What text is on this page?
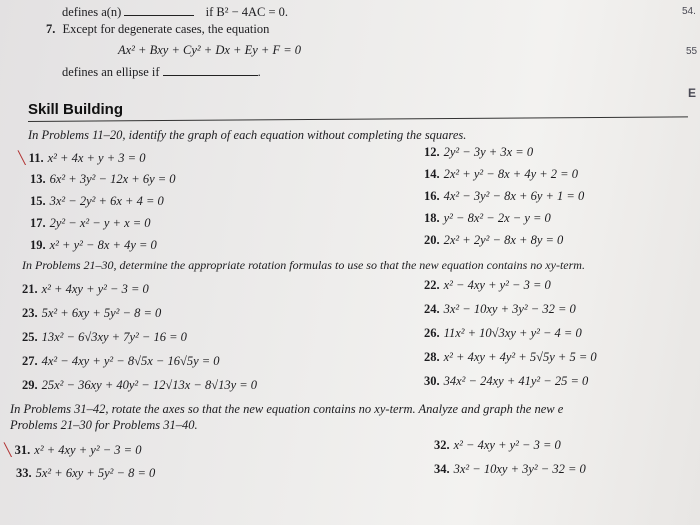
defines a(n)	if B² − 4AC = 0.
7. Except for degenerate cases, the equation
Ax² + Bxy + Cy² + Dx + Ey + F = 0
defines an ellipse if	.
54.
55
E
Skill Building
In Problems 11–20, identify the graph of each equation without completing the squares.
╲ 11. x² + 4x + y + 3 = 0
13. 6x² + 3y² − 12x + 6y = 0
15. 3x² − 2y² + 6x + 4 = 0
17. 2y² − x² − y + x = 0
19. x² + y² − 8x + 4y = 0
12. 2y² − 3y + 3x = 0
14. 2x² + y² − 8x + 4y + 2 = 0
16. 4x² − 3y² − 8x + 6y + 1 = 0
18. y² − 8x² − 2x − y = 0
20. 2x² + 2y² − 8x + 8y = 0
In Problems 21–30, determine the appropriate rotation formulas to use so that the new equation contains no xy-term.
21. x² + 4xy + y² − 3 = 0
23. 5x² + 6xy + 5y² − 8 = 0
25. 13x² − 6√3xy + 7y² − 16 = 0
27. 4x² − 4xy + y² − 8√5x − 16√5y = 0
29. 25x² − 36xy + 40y² − 12√13x − 8√13y = 0
22. x² − 4xy + y² − 3 = 0
24. 3x² − 10xy + 3y² − 32 = 0
26. 11x² + 10√3xy + y² − 4 = 0
28. x² + 4xy + 4y² + 5√5y + 5 = 0
30. 34x² − 24xy + 41y² − 25 = 0
In Problems 31–42, rotate the axes so that the new equation contains no xy-term. Analyze and graph the new e
Problems 21–30 for Problems 31–40.
╲ 31. x² + 4xy + y² − 3 = 0
33. 5x² + 6xy + 5y² − 8 = 0
32. x² − 4xy + y² − 3 = 0
34. 3x² − 10xy + 3y² − 32 = 0
